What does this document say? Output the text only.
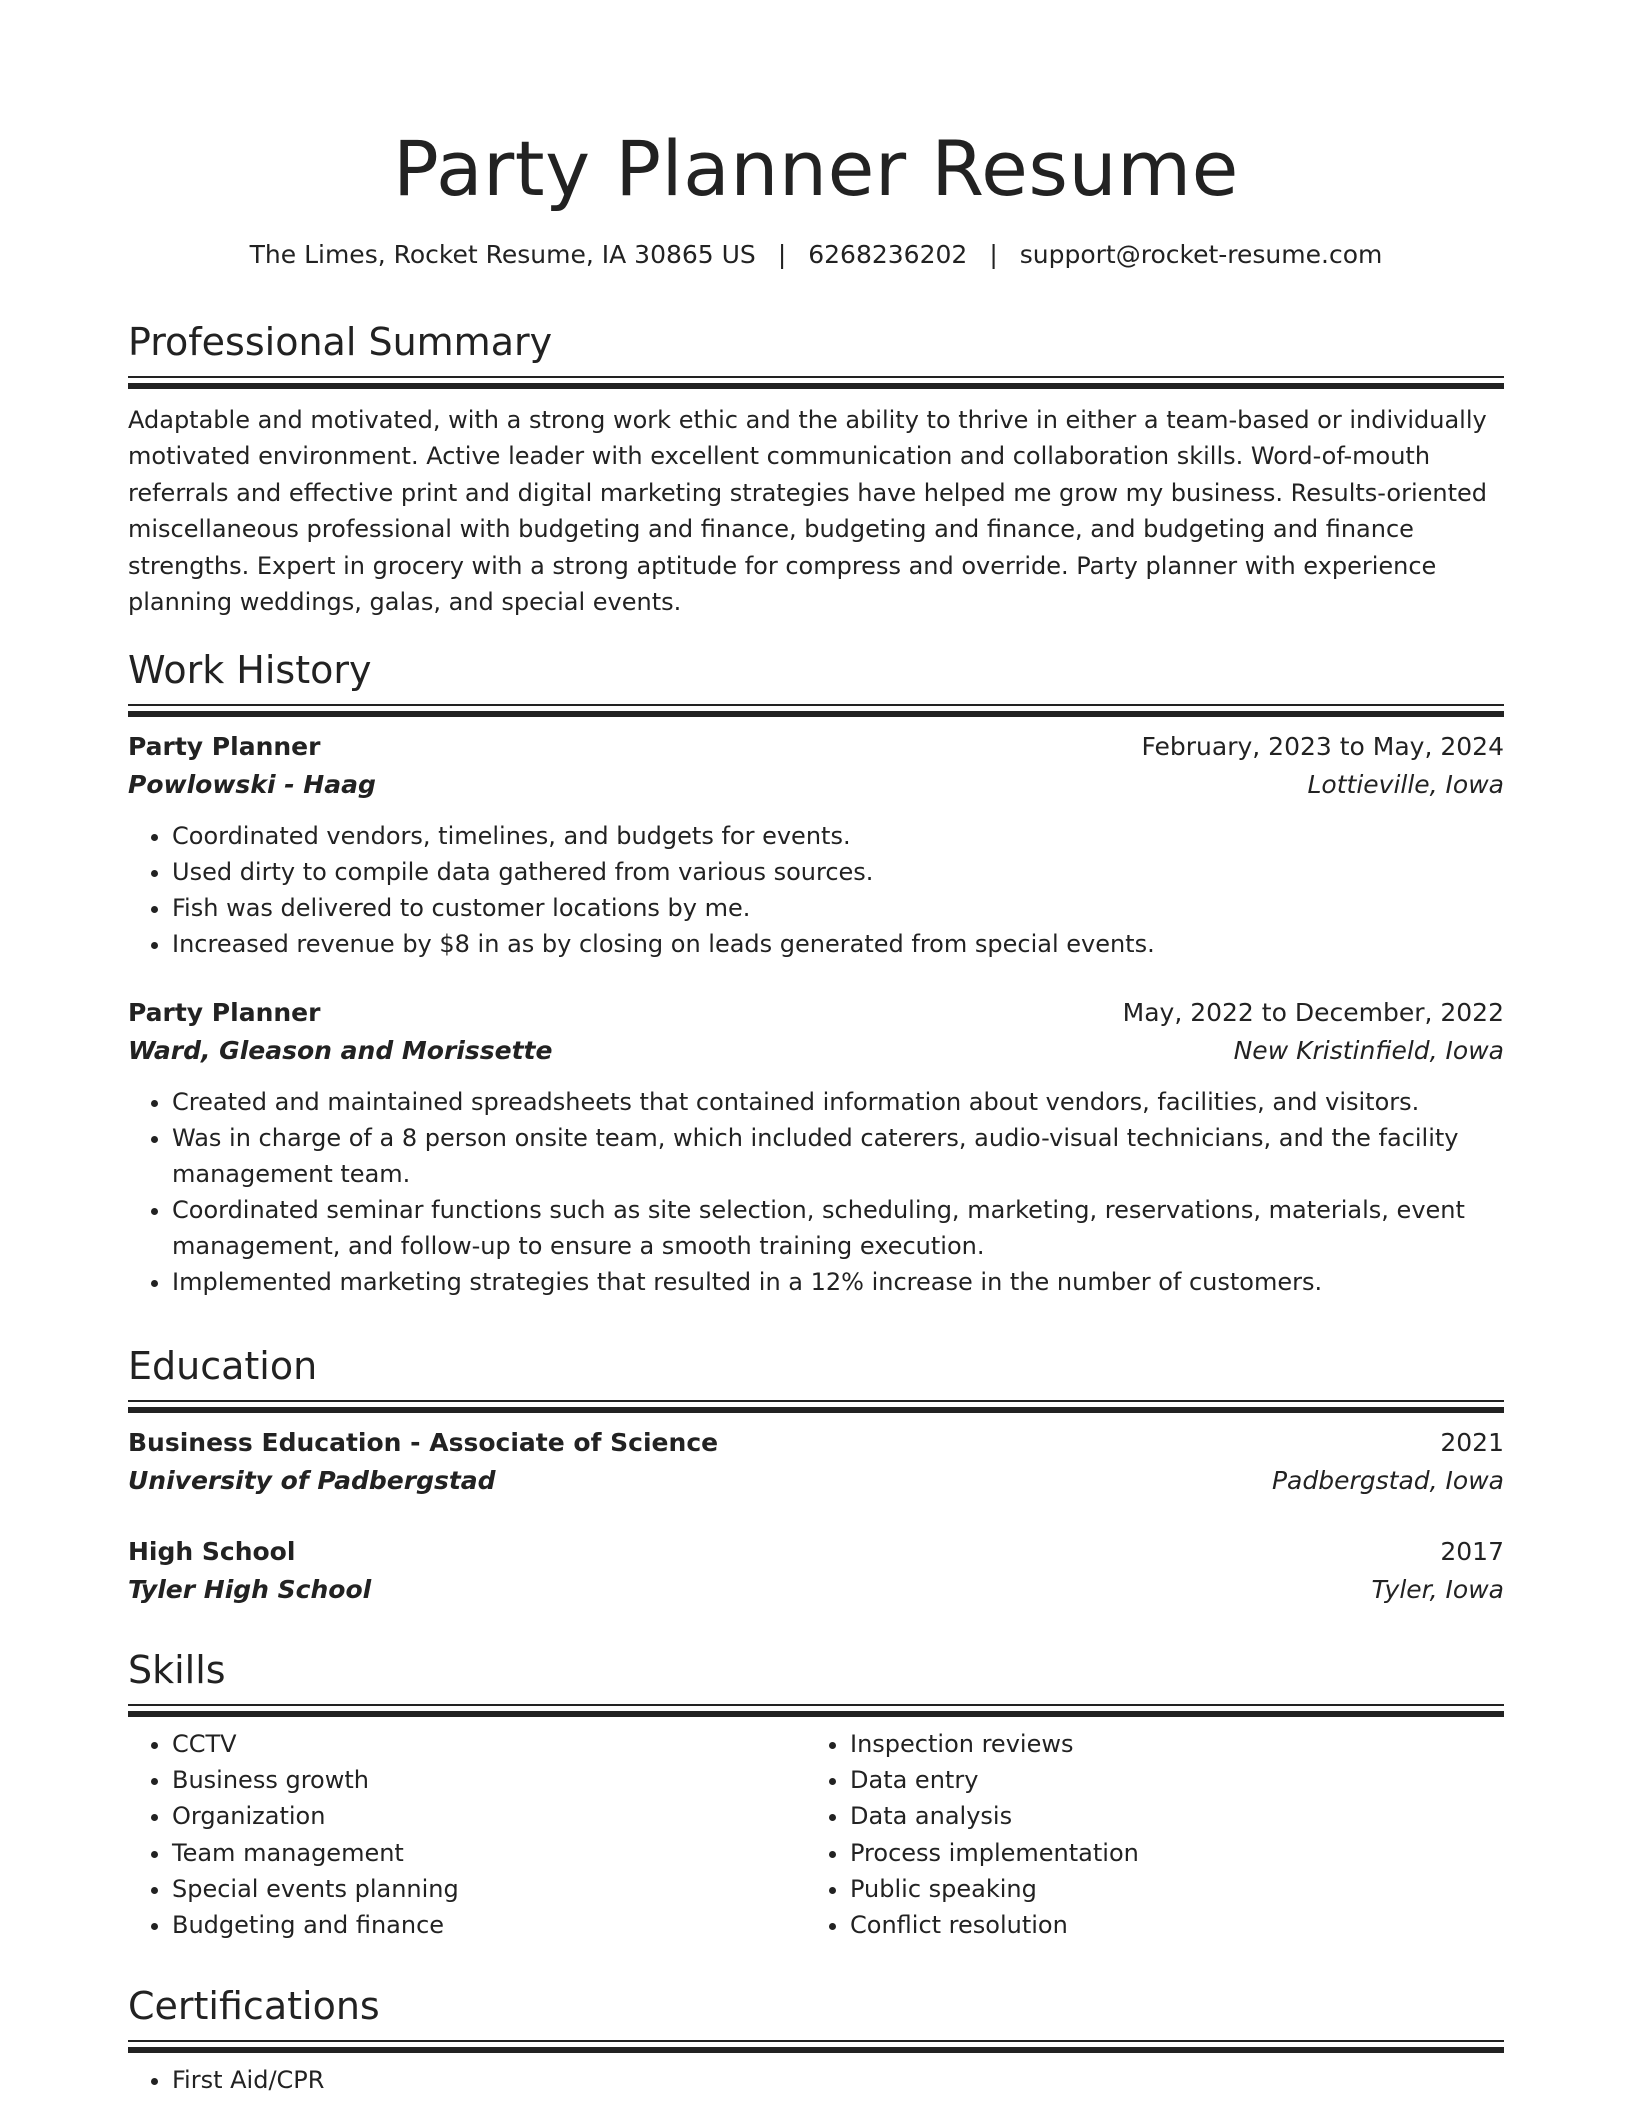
Party Planner Resume
The Limes, Rocket Resume, IA 30865 US | 6268236202 | support@rocket-resume.com
Professional Summary

Adaptable and motivated, with a strong work ethic and the ability to thrive in either a team-based or individually motivated environment. Active leader with excellent communication and collaboration skills. Word-of-mouth referrals and effective print and digital marketing strategies have helped me grow my business. Results-oriented miscellaneous professional with budgeting and finance, budgeting and finance, and budgeting and finance strengths. Expert in grocery with a strong aptitude for compress and override. Party planner with experience planning weddings, galas, and special events.

Work History
Party Planner	February, 2023 to May, 2024
Powlowski - Haag	Lottieville, Iowa
• Coordinated vendors, timelines, and budgets for events.
• Used dirty to compile data gathered from various sources.
• Fish was delivered to customer locations by me.
• Increased revenue by $8 in as by closing on leads generated from special events.
Party Planner	May, 2022 to December, 2022
Ward, Gleason and Morissette	New Kristinfield, Iowa
• Created and maintained spreadsheets that contained information about vendors, facilities, and visitors.
• Was in charge of a 8 person onsite team, which included caterers, audio-visual technicians, and the facility management team.
• Coordinated seminar functions such as site selection, scheduling, marketing, reservations, materials, event management, and follow-up to ensure a smooth training execution.
• Implemented marketing strategies that resulted in a 12% increase in the number of customers.
Education
Business Education - Associate of Science	2021
University of Padbergstad	Padbergstad, Iowa
High School	2017
Tyler High School	Tyler, Iowa
Skills
• CCTV
• Business growth
• Organization
• Team management
• Special events planning
• Budgeting and finance
• Inspection reviews
• Data entry
• Data analysis
• Process implementation
• Public speaking
• Conflict resolution
Certifications
• First Aid/CPR
